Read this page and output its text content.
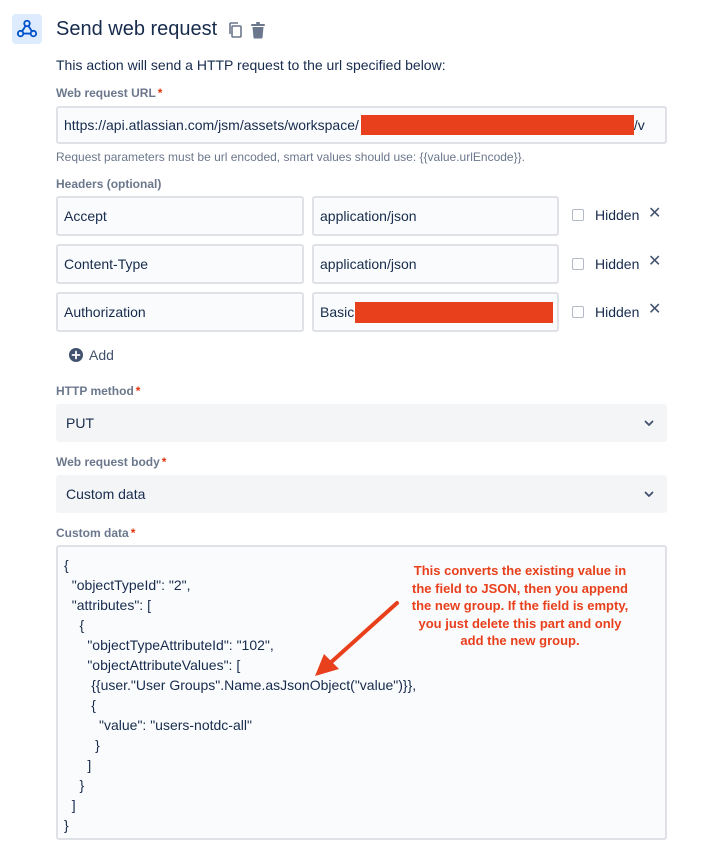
Send web request
This action will send a HTTP request to the url specified below:
Web request URL *
https://api.atlassian.com/jsm/assets/workspace/	/v
Request parameters must be url encoded, smart values should use: {{value.urlEncode}}.
Headers (optional)
Accept	application/json	Hidden ✕
Content-Type	application/json	Hidden ✕
Authorization	Basic	Hidden ✕
Add
HTTP method *
PUT
Web request body *
Custom data
Custom data *
{
"objectTypeId": "2",
"attributes": [
{
"objectTypeAttributeId": "102",
"objectAttributeValues": [
{{user."User Groups".Name.asJsonObject("value")}},
{
"value": "users-notdc-all"
}
]
}
]
}
This converts the existing value in
the field to JSON, then you append
the new group. If the field is empty,
you just delete this part and only
add the new group.
